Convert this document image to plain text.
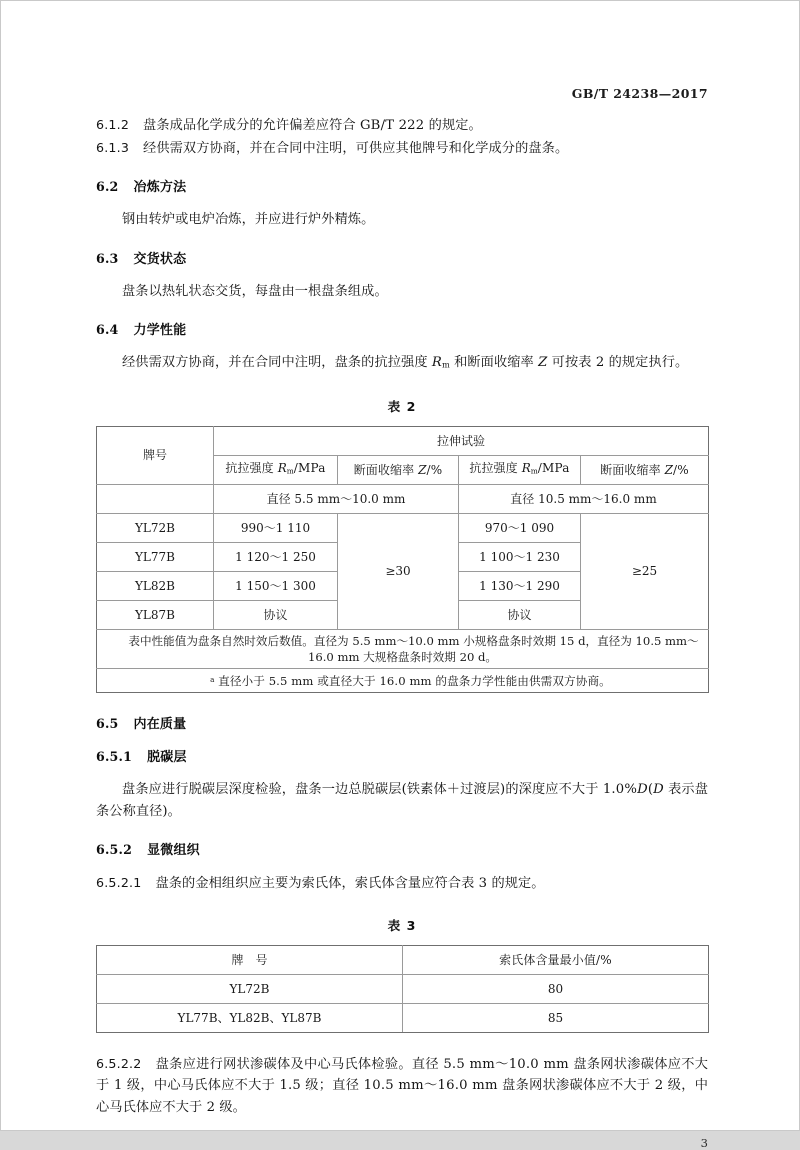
GB/T 24238—2017

6.1.2 盘条成品化学成分的允许偏差应符合 GB/T 222 的规定。

6.1.3 经供需双方协商，并在合同中注明，可供应其他牌号和化学成分的盘条。

6.2 冶炼方法

钢由转炉或电炉冶炼，并应进行炉外精炼。

6.3 交货状态

盘条以热轧状态交货，每盘由一根盘条组成。

6.4 力学性能

经供需双方协商，并在合同中注明，盘条的抗拉强度 $R_m$ 和断面收缩率 Z 可按表 2 的规定执行。

表 2
牌号	拉伸试验			
	抗拉强度 $R_m$/MPa	断面收缩率 Z/%	抗拉强度 $R_m$/MPa	断面收缩率 Z/%
	直径 5.5 mm～10.0 mm		直径 10.5 mm～16.0 mm	
YL72B	990～1 110	≥30	970～1 090	≥25
YL77B	1 120～1 250		1 100～1 230	
YL82B	1 150～1 300		1 130～1 290	
YL87B	协议		协议	
表中性能值为盘条自然时效后数值。直径为 5.5 mm～10.0 mm 小规格盘条时效期 15 d，直径为 10.5 mm～16.0 mm 大规格盘条时效期 20 d。				
$^a$ 直径小于 5.5 mm 或直径大于 16.0 mm 的盘条力学性能由供需双方协商。				

6.5 内在质量

6.5.1 脱碳层

盘条应进行脱碳层深度检验，盘条一边总脱碳层(铁素体＋过渡层)的深度应不大于 1.0%D(D 表示盘条公称直径)。

6.5.2 显微组织

6.5.2.1 盘条的金相组织应主要为索氏体，索氏体含量应符合表 3 的规定。

表 3
牌　号	索氏体含量最小值/%
YL72B	80
YL77B、YL82B、YL87B	85

6.5.2.2 盘条应进行网状渗碳体及中心马氏体检验。直径 5.5 mm～10.0 mm 盘条网状渗碳体应不大于 1 级，中心马氏体应不大于 1.5 级；直径 10.5 mm～16.0 mm 盘条网状渗碳体应不大于 2 级，中心马氏体应不大于 2 级。

3
